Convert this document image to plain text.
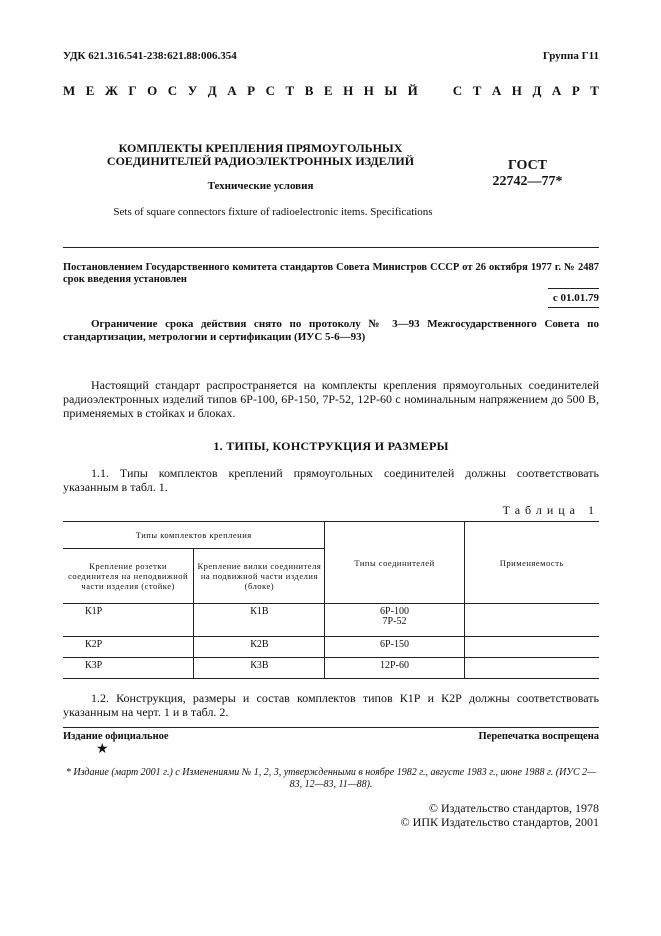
УДК 621.316.541-238:621.88:006.354	Группа Г11
М Е Ж Г О С У Д А Р С Т В Е Н Н Ы Й	С Т А Н Д А Р Т
КОМПЛЕКТЫ КРЕПЛЕНИЯ ПРЯМОУГОЛЬНЫХ
СОЕДИНИТЕЛЕЙ РАДИОЭЛЕКТРОННЫХ ИЗДЕЛИЙ
Технические условия
Sets of square connectors fixture of radioelectronic items. Specifications
ГОСТ
22742—77*
Постановлением Государственного комитета стандартов Совета Министров СССР от 26 октября 1977 г. № 2487 срок введения установлен
с 01.01.79
Ограничение срока действия снято по протоколу № 3—93 Межгосударственного Совета по стандартизации, метрологии и сертификации (ИУС 5-6—93)
Настоящий стандарт распространяется на комплекты крепления прямоугольных соединителей радиоэлектронных изделий типов 6Р-100, 6Р-150, 7Р-52, 12Р-60 с номинальным напряжением до 500 В, применяемых в стойках и блоках.
1. ТИПЫ, КОНСТРУКЦИЯ И РАЗМЕРЫ
1.1. Типы комплектов креплений прямоугольных соединителей должны соответствовать указанным в табл. 1.
Таблица 1
Типы комплектов крепления		Типы соединителей	Применяемость
Крепление розетки соединителя на неподвижной части изделия (стойке)	Крепление вилки соединителя на подвижной части изделия (блоке)		
К1Р	К1В	6Р-100
7Р-52	

К2Р	К2В	6Р-150	
К3Р	К3В	12Р-60	
1.2. Конструкция, размеры и состав комплектов типов К1Р и К2Р должны соответствовать указанным на черт. 1 и в табл. 2.
Издание официальное	Перепечатка воспрещена
★
* Издание (март 2001 г.) с Изменениями № 1, 2, 3, утвержденными в ноябре 1982 г., августе 1983 г., июне 1988 г. (ИУС 2—83, 12—83, 11—88).
© Издательство стандартов, 1978
© ИПК Издательство стандартов, 2001
